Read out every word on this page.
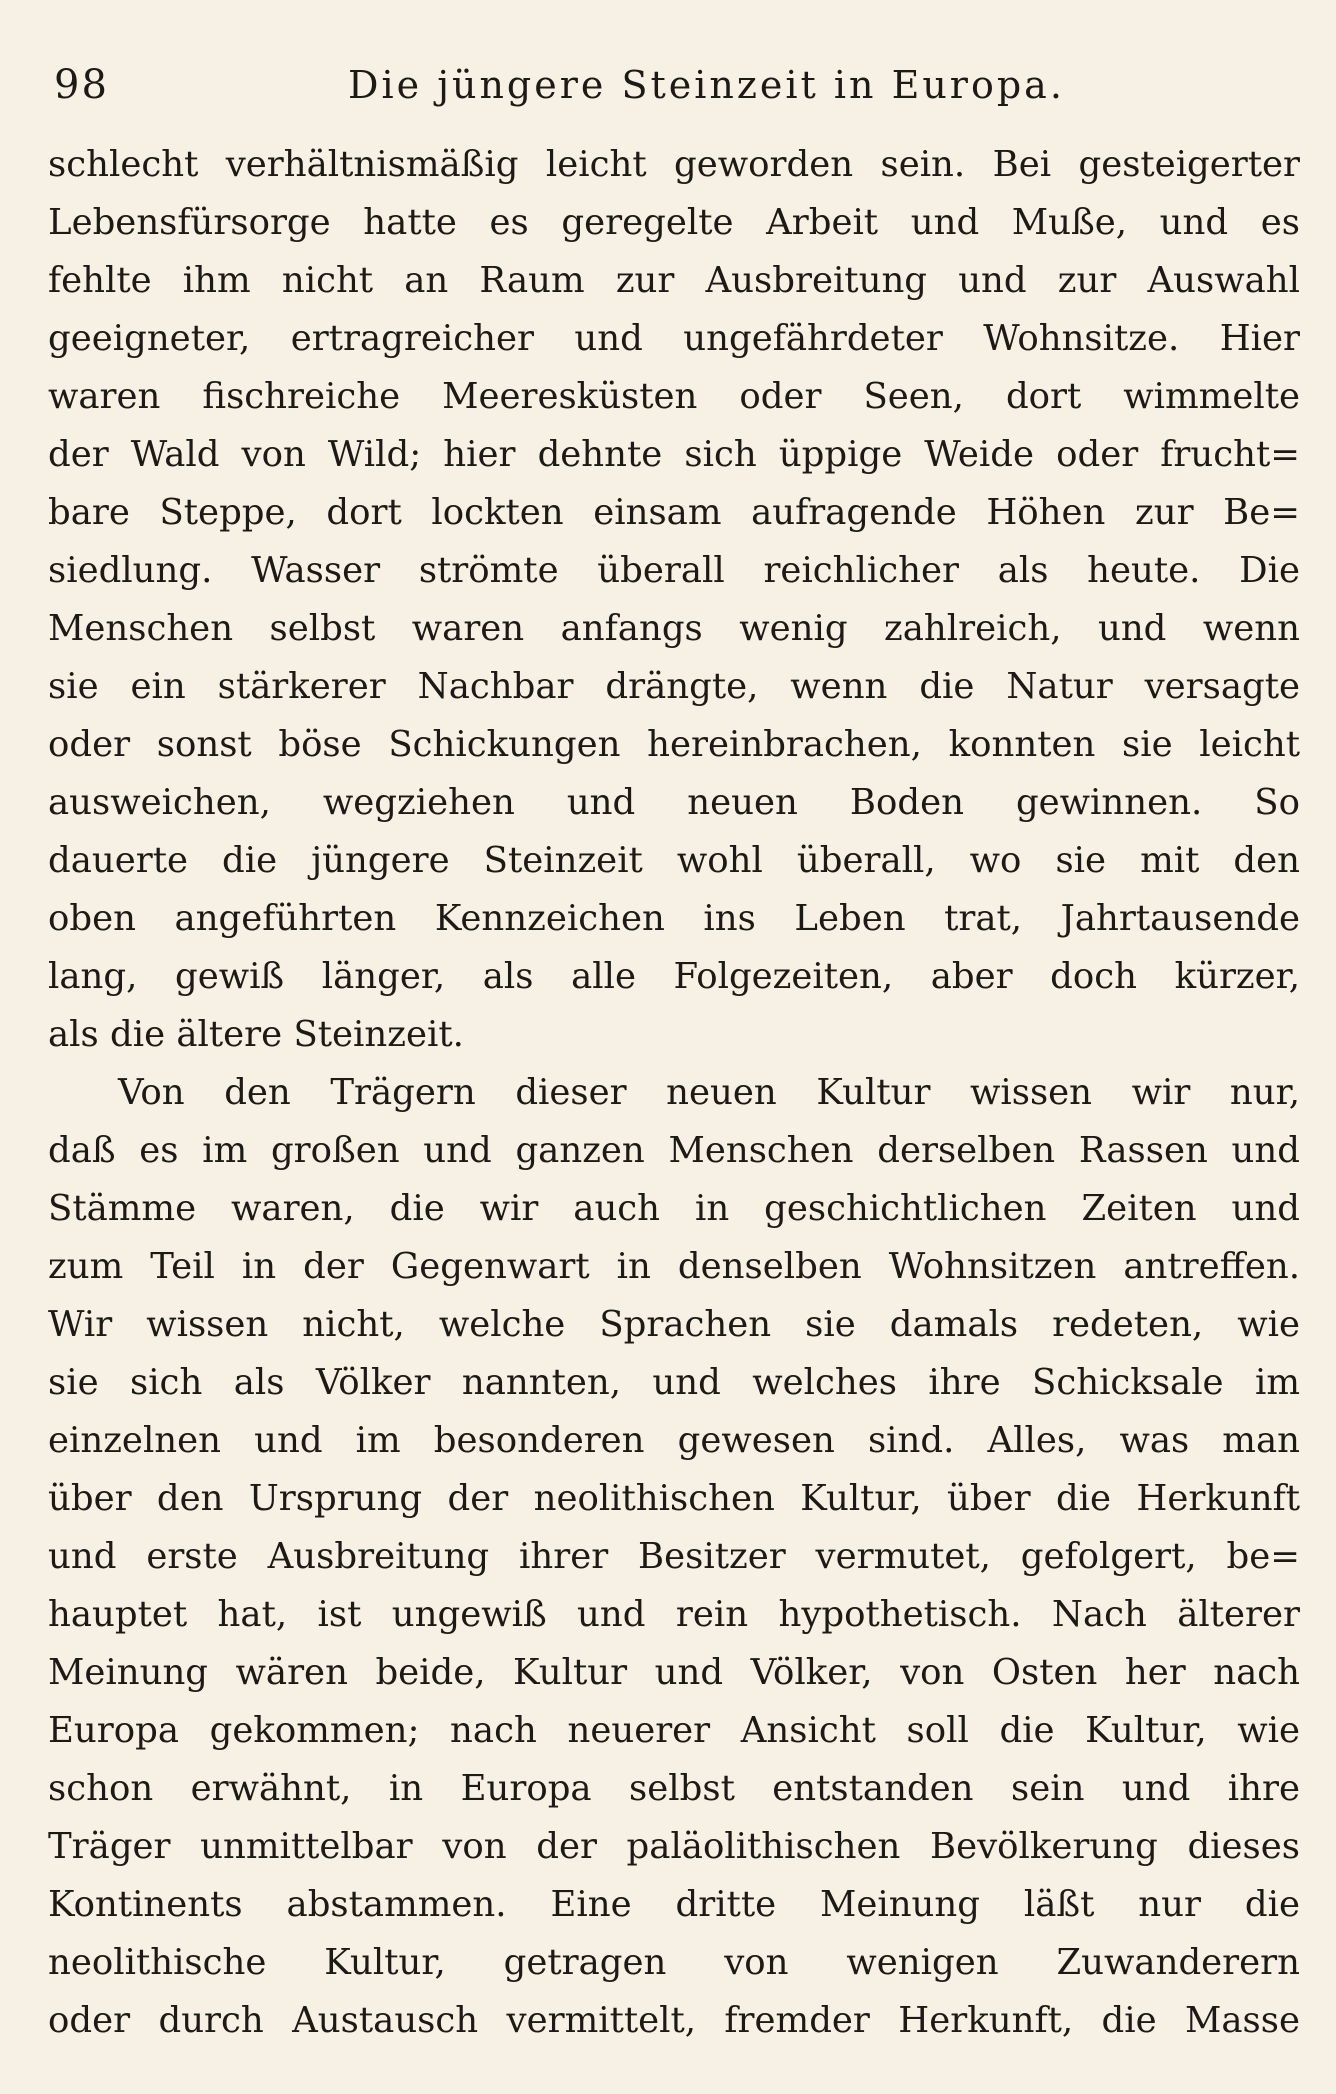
98	Die jüngere Steinzeit in Europa.
schlecht verhältnismäßig leicht geworden sein. Bei gesteigerter
Lebensfürsorge hatte es geregelte Arbeit und Muße, und es
fehlte ihm nicht an Raum zur Ausbreitung und zur Auswahl
geeigneter, ertragreicher und ungefährdeter Wohnsitze. Hier
waren fischreiche Meeresküsten oder Seen, dort wimmelte
der Wald von Wild; hier dehnte sich üppige Weide oder frucht=
bare Steppe, dort lockten einsam aufragende Höhen zur Be=
siedlung. Wasser strömte überall reichlicher als heute. Die
Menschen selbst waren anfangs wenig zahlreich, und wenn
sie ein stärkerer Nachbar drängte, wenn die Natur versagte
oder sonst böse Schickungen hereinbrachen, konnten sie leicht
ausweichen, wegziehen und neuen Boden gewinnen. So
dauerte die jüngere Steinzeit wohl überall, wo sie mit den
oben angeführten Kennzeichen ins Leben trat, Jahrtausende
lang, gewiß länger, als alle Folgezeiten, aber doch kürzer,
als die ältere Steinzeit.
Von den Trägern dieser neuen Kultur wissen wir nur,
daß es im großen und ganzen Menschen derselben Rassen und
Stämme waren, die wir auch in geschichtlichen Zeiten und
zum Teil in der Gegenwart in denselben Wohnsitzen antreffen.
Wir wissen nicht, welche Sprachen sie damals redeten, wie
sie sich als Völker nannten, und welches ihre Schicksale im
einzelnen und im besonderen gewesen sind. Alles, was man
über den Ursprung der neolithischen Kultur, über die Herkunft
und erste Ausbreitung ihrer Besitzer vermutet, gefolgert, be=
hauptet hat, ist ungewiß und rein hypothetisch. Nach älterer
Meinung wären beide, Kultur und Völker, von Osten her nach
Europa gekommen; nach neuerer Ansicht soll die Kultur, wie
schon erwähnt, in Europa selbst entstanden sein und ihre
Träger unmittelbar von der paläolithischen Bevölkerung dieses
Kontinents abstammen. Eine dritte Meinung läßt nur die
neolithische Kultur, getragen von wenigen Zuwanderern
oder durch Austausch vermittelt, fremder Herkunft, die Masse
